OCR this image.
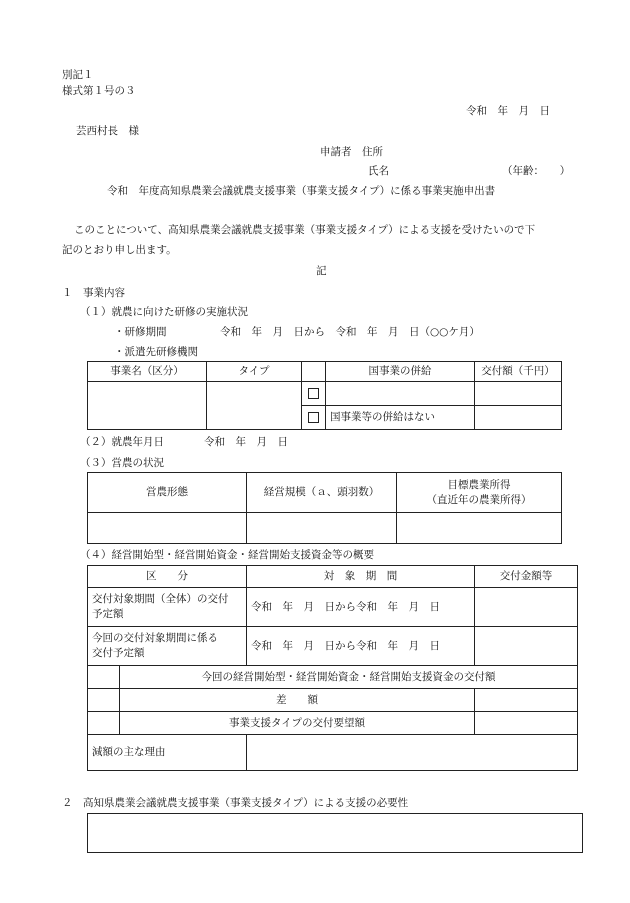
別記１
様式第１号の３
令和　年　月　日
芸西村長　様
申請者　住所
氏名	（年齢：　　）
令和　年度高知県農業会議就農支援事業（事業支援タイプ）に係る事業実施申出書
このことについて、高知県農業会議就農支援事業（事業支援タイプ）による支援を受けたいので下
記のとおり申し出ます。
記
１　事業内容
（１）就農に向けた研修の実施状況
・研修期間	令和　年　月　日から　令和　年　月　日（○○ケ月）
・派遣先研修機関
事業名（区分）	タイプ		国事業の併給	交付額（千円）

			国事業等の併給はない	
（２）就農年月日	令和　年　月　日
（３）営農の状況
営農形態	経営規模（ａ、頭羽数）	目標農業所得
（直近年の農業所得）

（４）経営開始型・経営開始資金・経営開始支援資金等の概要
区　　分		対　象　期　間	交付金額等

交付対象期間（全体）の交付
予定額		令和　年　月　日から令和　年　月　日	

今回の交付対象期間に係る
交付予定額		令和　年　月　日から令和　年　月　日	
	今回の経営開始型・経営開始資金・経営開始支援資金の交付額		
	差　　額		
	事業支援タイプの交付要望額		
減額の主な理由			
２　高知県農業会議就農支援事業（事業支援タイプ）による支援の必要性
